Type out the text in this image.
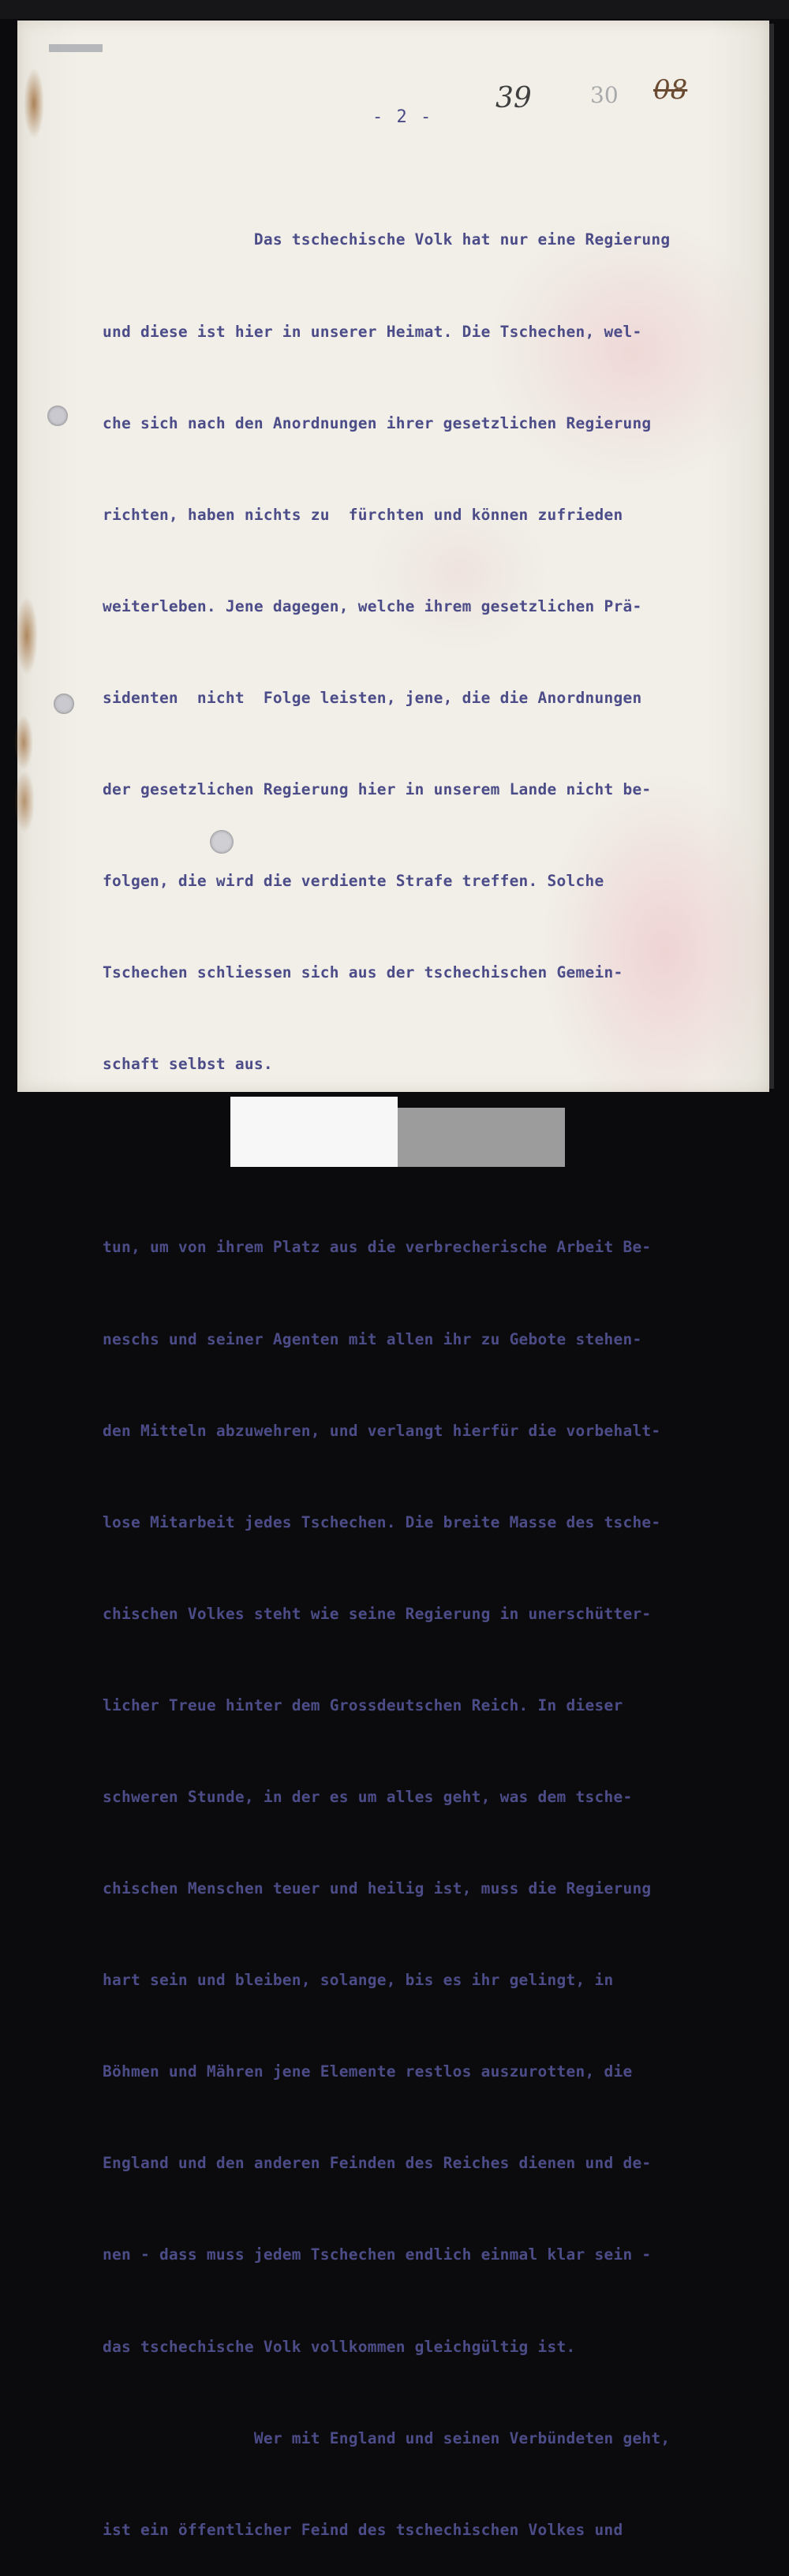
39	30 08
- 2 -

Das tschechische Volk hat nur eine Regierung

und diese ist hier in unserer Heimat. Die Tschechen, wel-

che sich nach den Anordnungen ihrer gesetzlichen Regierung

richten, haben nichts zu  fürchten und können zufrieden

weiterleben. Jene dagegen, welche ihrem gesetzlichen Prä-

sidenten  nicht  Folge leisten, jene, die die Anordnungen

der gesetzlichen Regierung hier in unserem Lande nicht be-

folgen, die wird die verdiente Strafe treffen. Solche

Tschechen schliessen sich aus der tschechischen Gemein-

schaft selbst aus.

tun, um von ihrem Platz aus die verbrecherische Arbeit Be-

neschs und seiner Agenten mit allen ihr zu Gebote stehen-

den Mitteln abzuwehren, und verlangt hierfür die vorbehalt-

lose Mitarbeit jedes Tschechen. Die breite Masse des tsche-

chischen Volkes steht wie seine Regierung in unerschütter-

licher Treue hinter dem Grossdeutschen Reich. In dieser

schweren Stunde, in der es um alles geht, was dem tsche-

chischen Menschen teuer und heilig ist, muss die Regierung

hart sein und bleiben, solange, bis es ihr gelingt, in

Böhmen und Mähren jene Elemente restlos auszurotten, die

England und den anderen Feinden des Reiches dienen und de-

nen - dass muss jedem Tschechen endlich einmal klar sein -

das tschechische Volk vollkommen gleichgültig ist.

Wer mit England und seinen Verbündeten geht,

ist ein öffentlicher Feind des tschechischen Volkes und
